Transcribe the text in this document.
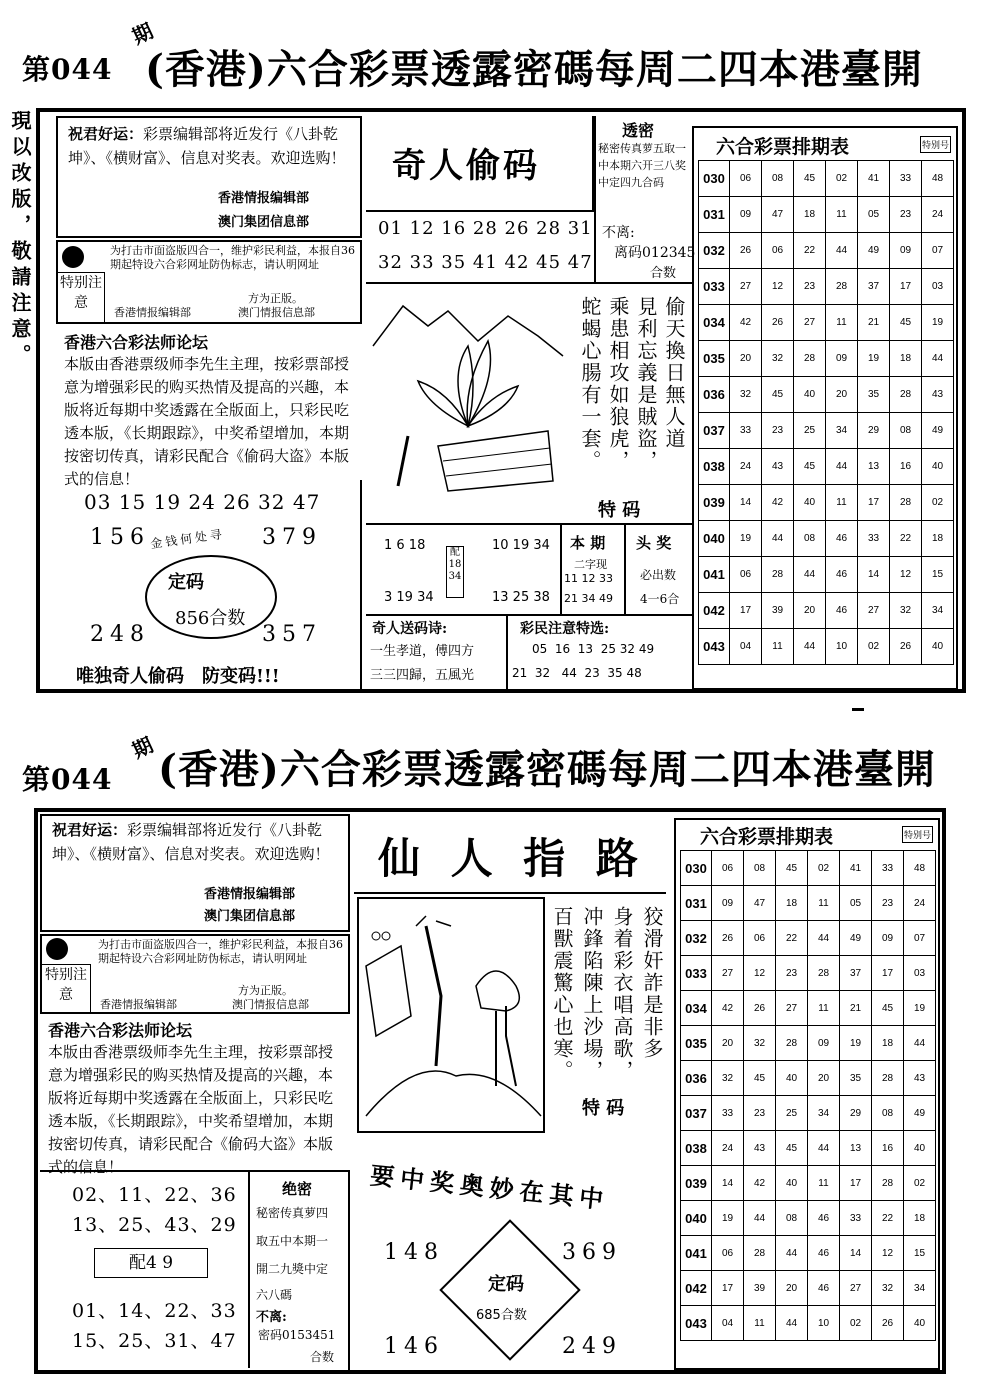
第044
期
(香港)六合彩票透露密碼每周二四本港臺開
現以改版，敬請注意。 祝君好运：彩票编辑部将近发行《八卦乾坤》、《横财富》、信息对奖表。欢迎选购！
香港情报编辑部
澳门集团信息部
特别注意
为打击市面盗版四合一，维护彩民利益，本报自36期起特设六合彩网址防伪标志，请认明网址
方为正版。
香港情报编辑部	澳门情报信息部
香港六合彩法师论坛
本版由香港票级师李先生主理，按彩票部授意为增强彩民的购买热情及提高的兴趣，本版将近每期中奖透露在全版面上，只彩民吃透本版，《长期跟踪》，中奖希望增加，本期按密切传真，请彩民配合《偷码大盗》本版式的信息！
03 15 19 24 26 32 47
156	379
金钱何处寻
定码
856合数
248	357
唯独奇人偷码　防变码!!!
奇人偷码
01 12 16 28 26 28 31
32 33 35 41 42 45 47
透密
秘密传真萝五取一中本期六开三八奖中定四九合码
不离:
离码012345
合数
偷天換日無人道
見利忘義是賊盜，
乘患相攻如狼虎，
蛇蝎心腸有一套。
特 码
1 6 18
3 19 34
配 18 34
10 19 34
13 25 38
本 期
二字现
11 12 33
21 34 49
头 奖
必出数
4一6合
奇人送码诗:
一生孝道，傅四方
三三四歸，五風光
彩民注意特选:
05  16  13  25 32 49
21  32   44  23  35 48
六合彩票排期表	特别号
030	06	08	45	02	41	33	48
031	09	47	18	11	05	23	24
032	26	06	22	44	49	09	07
033	27	12	23	28	37	17	03
034	42	26	27	11	21	45	19
035	20	32	28	09	19	18	44
036	32	45	40	20	35	28	43
037	33	23	25	34	29	08	49
038	24	43	45	44	13	16	40
039	14	42	40	11	17	28	02
040	19	44	08	46	33	22	18
041	06	28	44	46	14	12	15
042	17	39	20	46	27	32	34
043	04	11	44	10	02	26	40
第044
期 (香港)六合彩票透露密碼每周二四本港臺開
祝君好运：彩票编辑部将近发行《八卦乾坤》、《横财富》、信息对奖表。欢迎选购！
香港情报编辑部
澳门集团信息部
特别注意
为打击市面盗版四合一，维护彩民利益，本报自36期起特设六合彩网址防伪标志，请认明网址
方为正版。
香港情报编辑部	澳门情报信息部
香港六合彩法师论坛
本版由香港票级师李先生主理，按彩票部授意为增强彩民的购买热情及提高的兴趣，本版将近每期中奖透露在全版面上，只彩民吃透本版，《长期跟踪》，中奖希望增加，本期按密切传真，请彩民配合《偷码大盗》本版式的信息！
02、11、22、36
13、25、43、29
配4 9
01、14、22、33
15、25、31、47
绝密
秘密传真萝四
取五中本期一
開二九獎中定
六八碼
不离:
密码0153451
合数
仙 人 指 路
狡滑奸詐是非多
身着彩衣唱高歌，
冲鋒陷陳上沙場，
百獸震驚心也寒。
特 码
要中奖奥妙在其中
148	369
定码
685合数
146	249
六合彩票排期表	特别号
030	06	08	45	02	41	33	48
031	09	47	18	11	05	23	24
032	26	06	22	44	49	09	07
033	27	12	23	28	37	17	03
034	42	26	27	11	21	45	19
035	20	32	28	09	19	18	44
036	32	45	40	20	35	28	43
037	33	23	25	34	29	08	49
038	24	43	45	44	13	16	40
039	14	42	40	11	17	28	02
040	19	44	08	46	33	22	18
041	06	28	44	46	14	12	15
042	17	39	20	46	27	32	34
043	04	11	44	10	02	26	40
